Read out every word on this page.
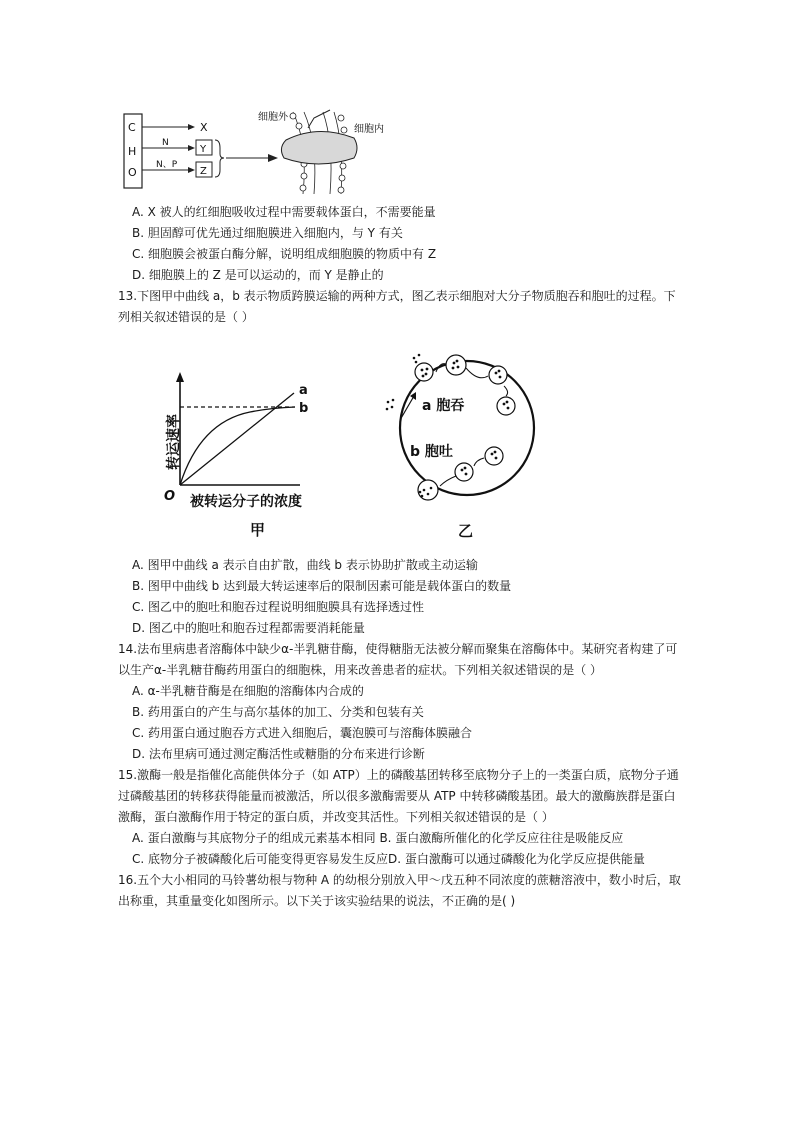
C
H
O
X
N
N、P
Y
Z
细胞外
细胞内
A. X 被人的红细胞吸收过程中需要载体蛋白，不需要能量
B. 胆固醇可优先通过细胞膜进入细胞内，与 Y 有关
C. 细胞膜会被蛋白酶分解，说明组成细胞膜的物质中有 Z
D. 细胞膜上的 Z 是可以运动的，而 Y 是静止的
13.下图甲中曲线 a，b 表示物质跨膜运输的两种方式，图乙表示细胞对大分子物质胞吞和胞吐的过程。下
列相关叙述错误的是（ ）
a
b
O 被转运分子的浓度
转运速率
甲
a 胞吞
b 胞吐
乙
A. 图甲中曲线 a 表示自由扩散，曲线 b 表示协助扩散或主动运输
B. 图甲中曲线 b 达到最大转运速率后的限制因素可能是载体蛋白的数量
C. 图乙中的胞吐和胞吞过程说明细胞膜具有选择透过性
D. 图乙中的胞吐和胞吞过程都需要消耗能量
14.法布里病患者溶酶体中缺少α-半乳糖苷酶，使得糖脂无法被分解而聚集在溶酶体中。某研究者构建了可
以生产α-半乳糖苷酶药用蛋白的细胞株，用来改善患者的症状。下列相关叙述错误的是（ ）
A. α-半乳糖苷酶是在细胞的溶酶体内合成的
B. 药用蛋白的产生与高尔基体的加工、分类和包装有关
C. 药用蛋白通过胞吞方式进入细胞后，囊泡膜可与溶酶体膜融合
D. 法布里病可通过测定酶活性或糖脂的分布来进行诊断
15.激酶一般是指催化高能供体分子（如 ATP）上的磷酸基团转移至底物分子上的一类蛋白质，底物分子通
过磷酸基团的转移获得能量而被激活，所以很多激酶需要从 ATP 中转移磷酸基团。最大的激酶族群是蛋白
激酶，蛋白激酶作用于特定的蛋白质，并改变其活性。下列相关叙述错误的是（ ）
A. 蛋白激酶与其底物分子的组成元素基本相同 B. 蛋白激酶所催化的化学反应往往是吸能反应
C. 底物分子被磷酸化后可能变得更容易发生反应D. 蛋白激酶可以通过磷酸化为化学反应提供能量
16.五个大小相同的马铃薯幼根与物种 A 的幼根分别放入甲～戊五种不同浓度的蔗糖溶液中，数小时后，取
出称重，其重量变化如图所示。以下关于该实验结果的说法，不正确的是( )
